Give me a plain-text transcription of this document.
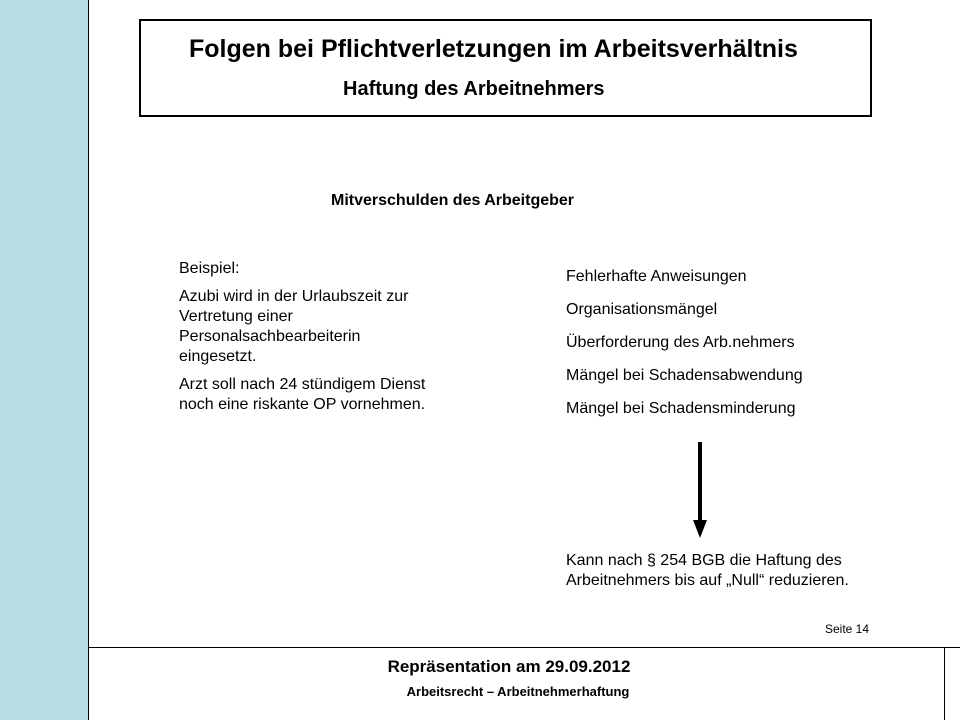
Folgen bei Pflichtverletzungen im Arbeitsverhältnis
Haftung des Arbeitnehmers
Mitverschulden des Arbeitgeber

Beispiel:

Azubi wird in der Urlaubszeit zur Vertretung einer Personalsachbearbeiterin eingesetzt.

Arzt soll nach 24 stündigem Dienst noch eine riskante OP vornehmen.

Fehlerhafte Anweisungen
Organisationsmängel
Überforderung des Arb.nehmers
Mängel bei Schadensabwendung
Mängel bei Schadensminderung
Kann nach § 254 BGB die Haftung des Arbeitnehmers bis auf „Null“ reduzieren.
Seite 14
Repräsentation am 29.09.2012
Arbeitsrecht – Arbeitnehmerhaftung
